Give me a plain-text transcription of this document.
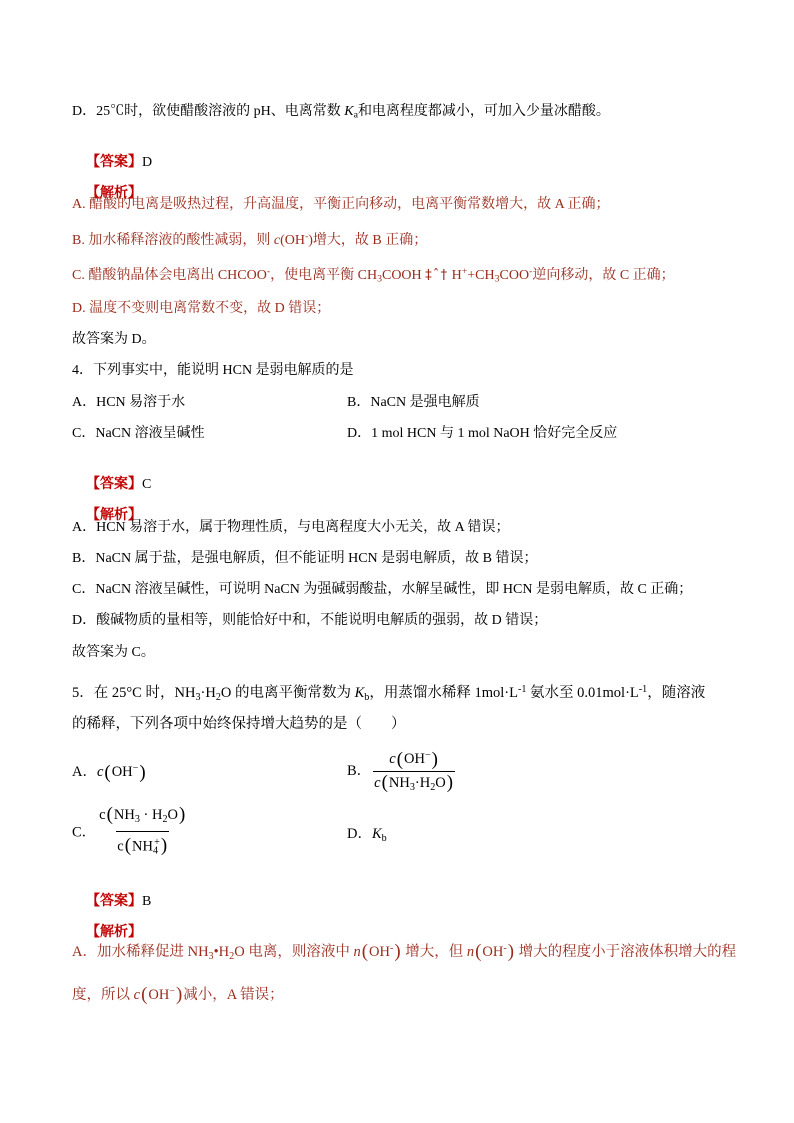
D．25℃时，欲使醋酸溶液的 pH、电离常数 Ka和电离程度都减小，可加入少量冰醋酸。

【答案】D

【解析】

A. 醋酸的电离是吸热过程，升高温度，平衡正向移动，电离平衡常数增大，故 A 正确；
B. 加水稀释溶液的酸性减弱，则 c(OH-)增大，故 B 正确；
C. 醋酸钠晶体会电离出 CHCOO-，使电离平衡 CH3COOH ‡ˆ† H++CH3COO-逆向移动，故 C 正确；
D. 温度不变则电离常数不变，故 D 错误；
故答案为 D。
4．下列事实中，能说明 HCN 是弱电解质的是
A．HCN 易溶于水	B．NaCN 是强电解质
C．NaCN 溶液呈碱性	D．1 mol HCN 与 1 mol NaOH 恰好完全反应

【答案】C

【解析】

A．HCN 易溶于水，属于物理性质，与电离程度大小无关，故 A 错误；
B．NaCN 属于盐，是强电解质，但不能证明 HCN 是弱电解质，故 B 错误；
C．NaCN 溶液呈碱性，可说明 NaCN 为强碱弱酸盐，水解呈碱性，即 HCN 是弱电解质，故 C 正确；
D．酸碱物质的量相等，则能恰好中和，不能说明电解质的强弱，故 D 错误；
故答案为 C。
5．在 25°C 时，NH3·H2O 的电离平衡常数为 Kb，用蒸馏水稀释 $1mol\cdot L^{-1}$ 氨水至 $0.01mol\cdot L^{-1}$，随溶液
的稀释，下列各项中始终保持增大趋势的是（　　）
A．c(OH−)	B． $\frac{c(OH^-)}{c(NH3\cdot H2O)}$
C． $\frac{c(NH3 \cdot H2O)}{c(NH4^+)}$	D．Kb

【答案】B

【解析】

A．加水稀释促进 NH3•H2O 电离，则溶液中 n(OH-) 增大，但 n(OH-) 增大的程度小于溶液体积增大的程
度，所以 c(OH−)减小，A 错误；
